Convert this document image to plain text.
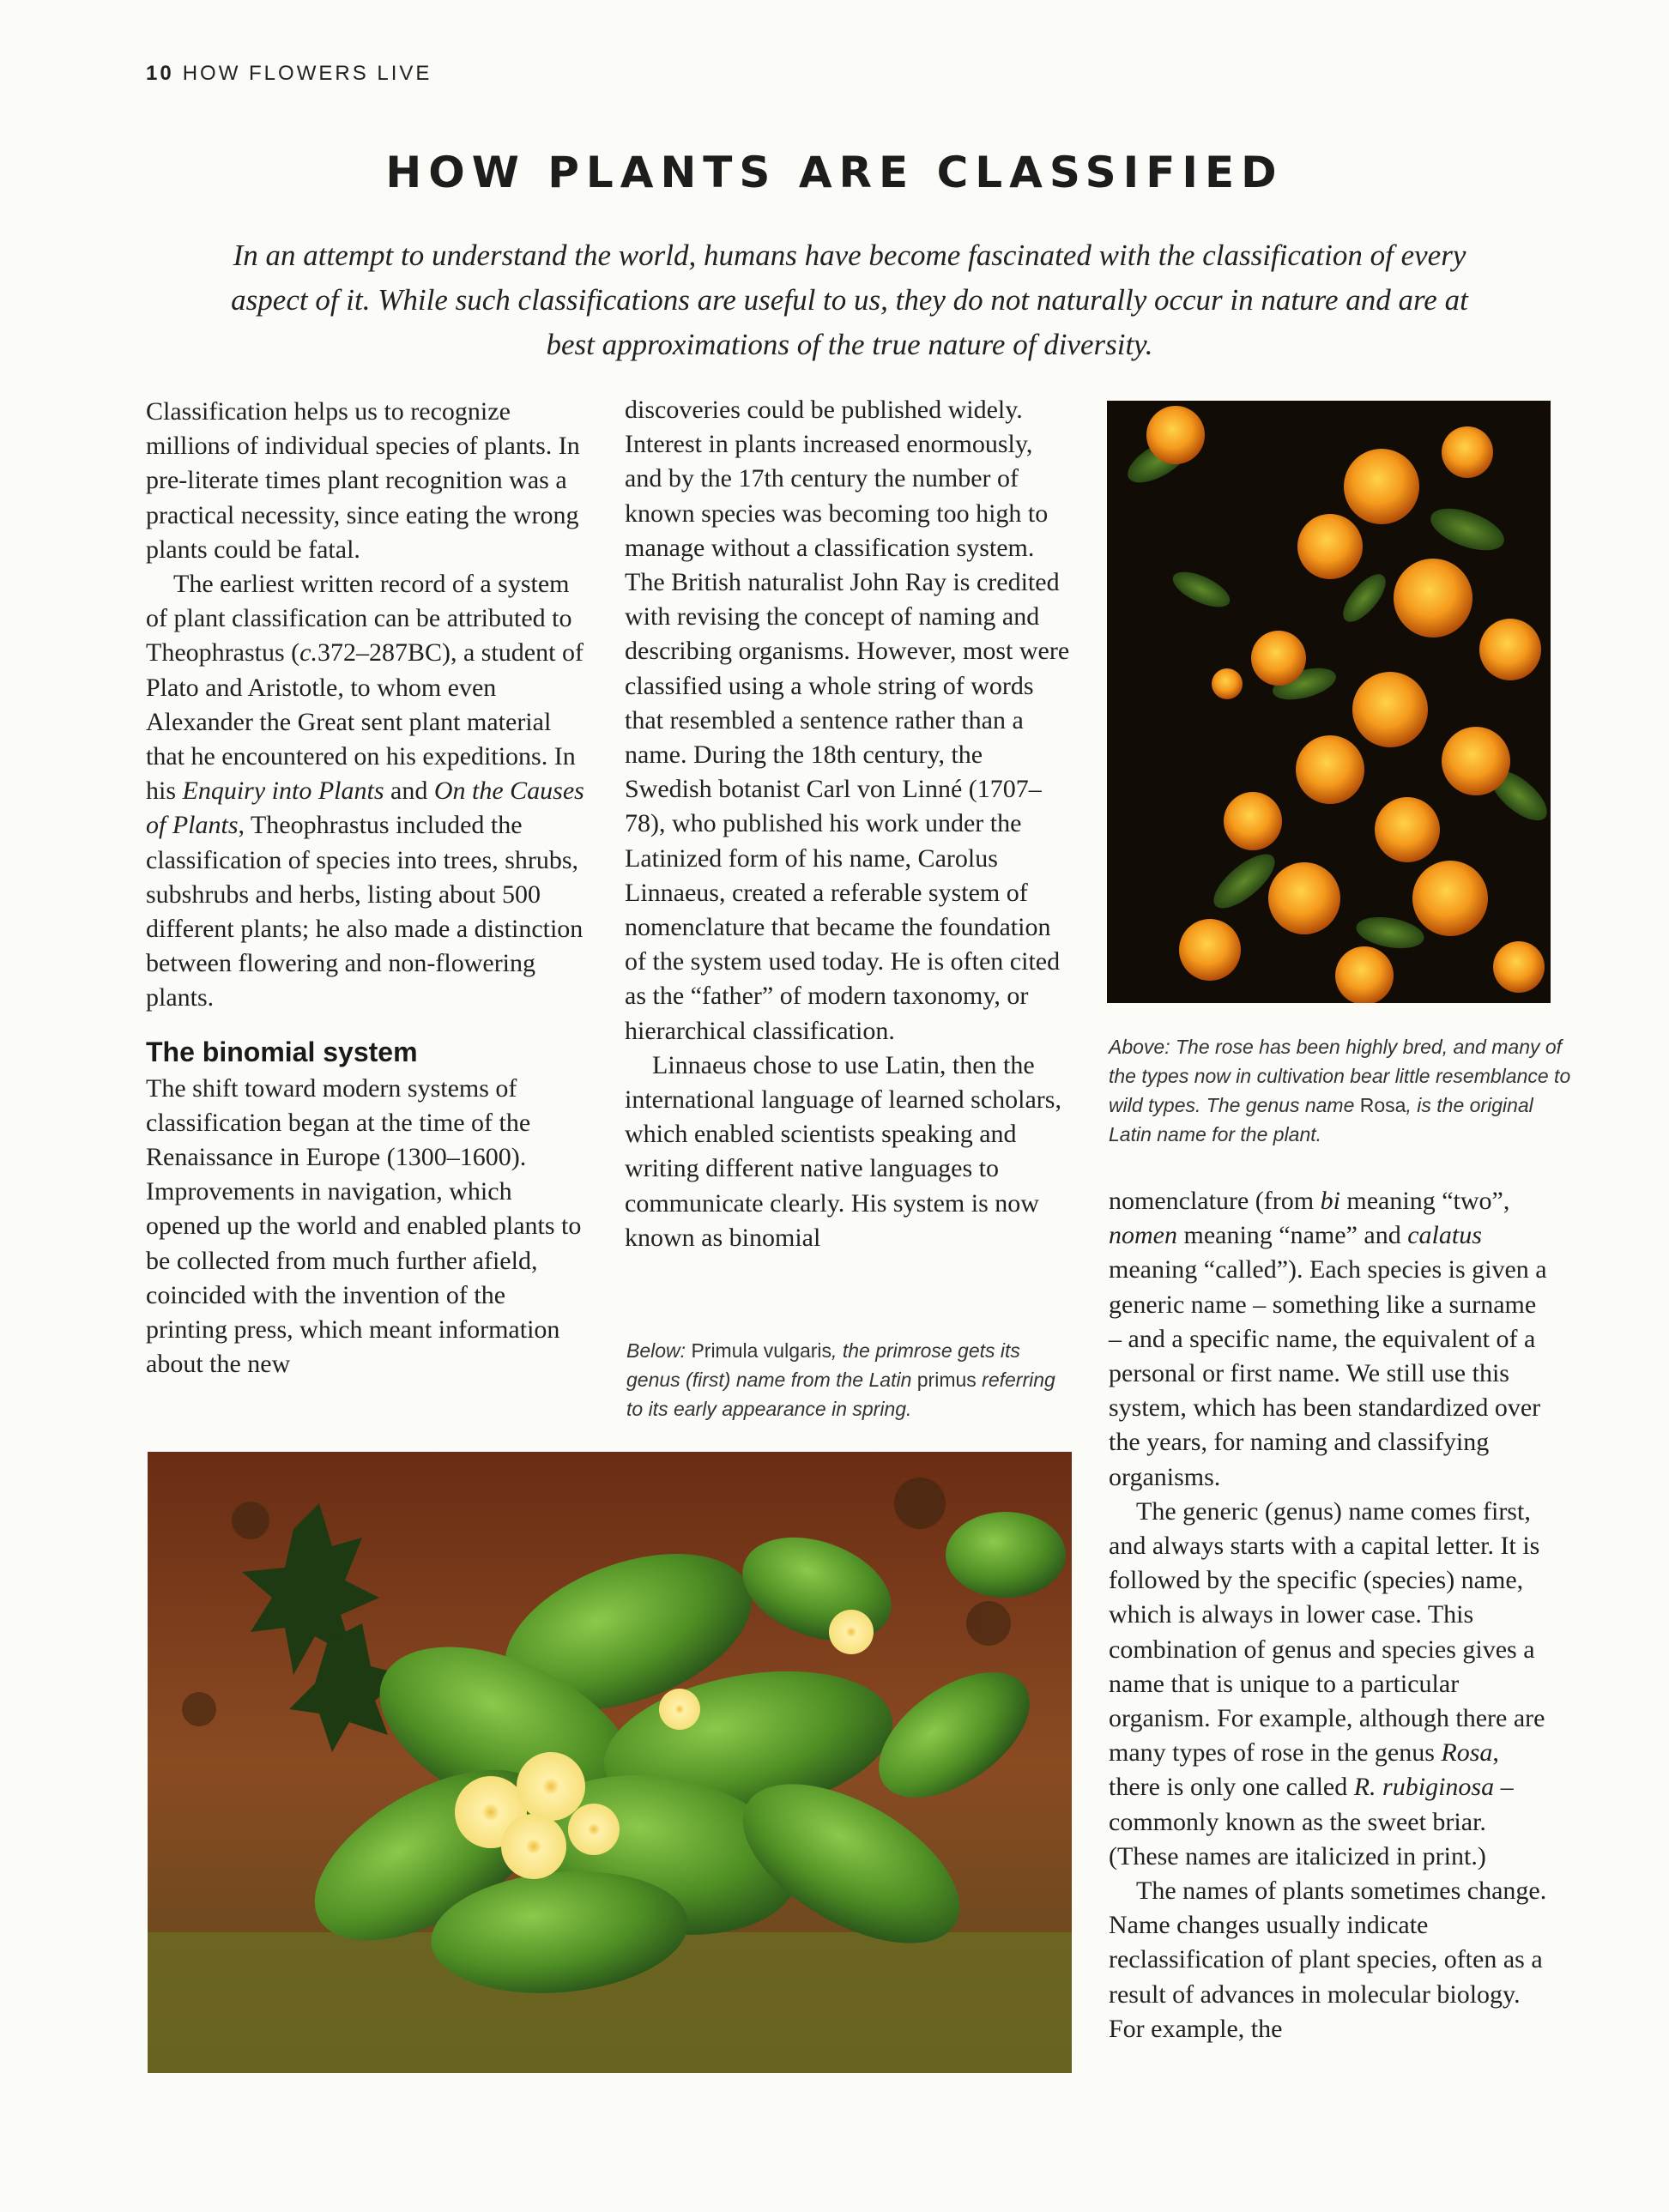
10 HOW FLOWERS LIVE
HOW PLANTS ARE CLASSIFIED
In an attempt to understand the world, humans have become fascinated with the classification of every aspect of it. While such classifications are useful to us, they do not naturally occur in nature and are at best approximations of the true nature of diversity.

Classification helps us to recognize millions of individual species of plants. In pre-literate times plant recognition was a practical necessity, since eating the wrong plants could be fatal.

The earliest written record of a system of plant classification can be attributed to Theophrastus (c.372–287BC), a student of Plato and Aristotle, to whom even Alexander the Great sent plant material that he encountered on his expeditions. In his Enquiry into Plants and On the Causes of Plants, Theophrastus included the classification of species into trees, shrubs, subshrubs and herbs, listing about 500 different plants; he also made a distinction between flowering and non-flowering plants.

The binomial system

The shift toward modern systems of classification began at the time of the Renaissance in Europe (1300–1600). Improvements in navigation, which opened up the world and enabled plants to be collected from much further afield, coincided with the invention of the printing press, which meant information about the new

discoveries could be published widely. Interest in plants increased enormously, and by the 17th century the number of known species was becoming too high to manage without a classification system. The British naturalist John Ray is credited with revising the concept of naming and describing organisms. However, most were classified using a whole string of words that resembled a sentence rather than a name. During the 18th century, the Swedish botanist Carl von Linné (1707–78), who published his work under the Latinized form of his name, Carolus Linnaeus, created a referable system of nomenclature that became the foundation of the system used today. He is often cited as the “father” of modern taxonomy, or hierarchical classification.

Linnaeus chose to use Latin, then the international language of learned scholars, which enabled scientists speaking and writing different native languages to communicate clearly. His system is now known as binomial

Below: Primula vulgaris, the primrose gets its genus (first) name from the Latin primus referring to its early appearance in spring.
Above: The rose has been highly bred, and many of the types now in cultivation bear little resemblance to wild types. The genus name Rosa, is the original Latin name for the plant.

nomenclature (from bi meaning “two”, nomen meaning “name” and calatus meaning “called”). Each species is given a generic name – something like a surname – and a specific name, the equivalent of a personal or first name. We still use this system, which has been standardized over the years, for naming and classifying organisms.

The generic (genus) name comes first, and always starts with a capital letter. It is followed by the specific (species) name, which is always in lower case. This combination of genus and species gives a name that is unique to a particular organism. For example, although there are many types of rose in the genus Rosa, there is only one called R. rubiginosa – commonly known as the sweet briar. (These names are italicized in print.)

The names of plants sometimes change. Name changes usually indicate reclassification of plant species, often as a result of advances in molecular biology. For example, the
